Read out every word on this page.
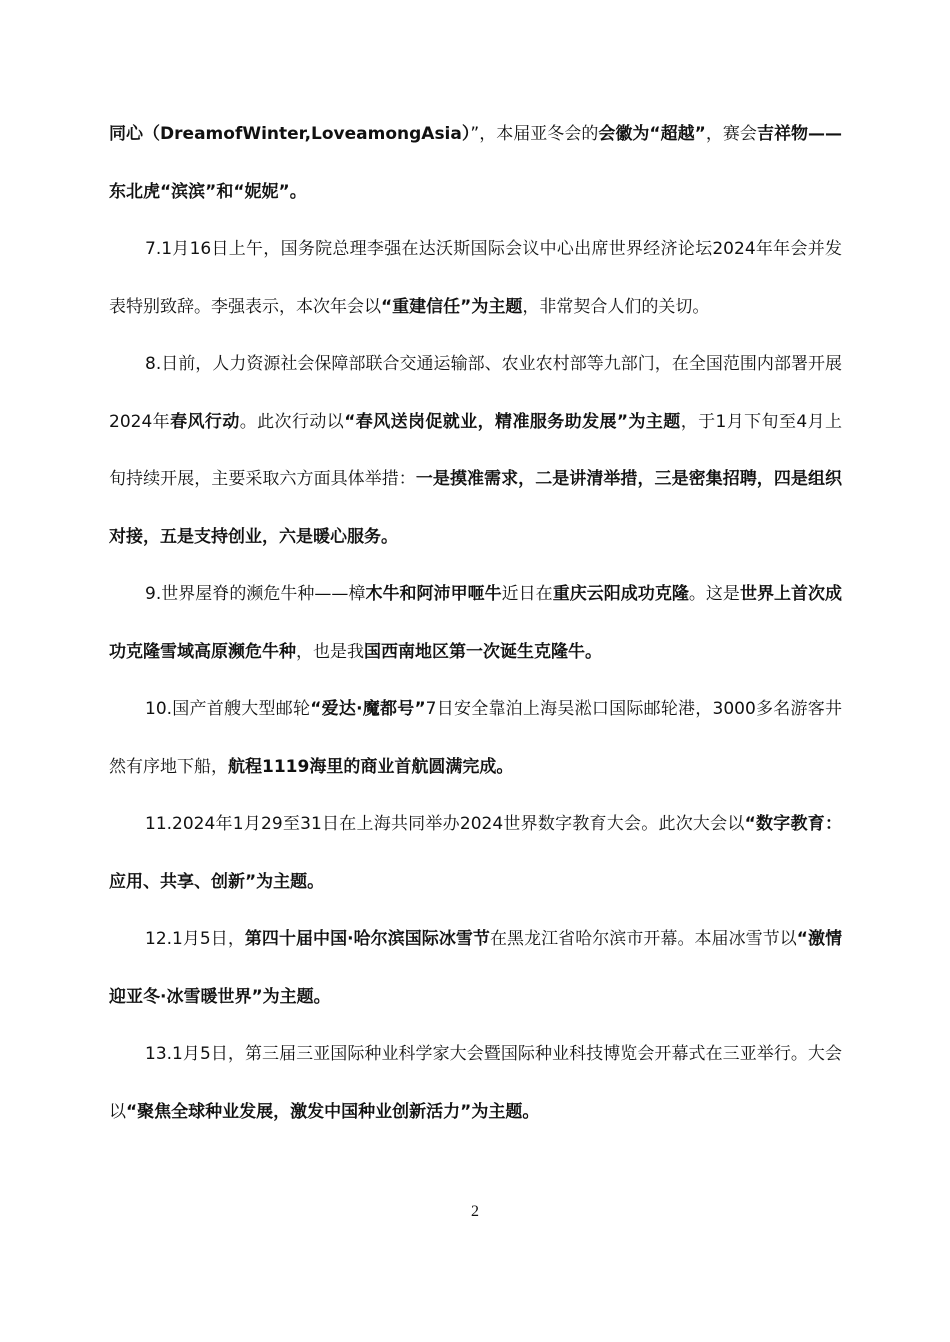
同心（DreamofWinter,LoveamongAsia）”，本届亚冬会的会徽为“超越”，赛会吉祥物——东北虎“滨滨”和“妮妮”。

7.1月16日上午，国务院总理李强在达沃斯国际会议中心出席世界经济论坛2024年年会并发表特别致辞。李强表示，本次年会以“重建信任”为主题，非常契合人们的关切。

8.日前，人力资源社会保障部联合交通运输部、农业农村部等九部门，在全国范围内部署开展2024年春风行动。此次行动以“春风送岗促就业，精准服务助发展”为主题，于1月下旬至4月上旬持续开展，主要采取六方面具体举措：一是摸准需求，二是讲清举措，三是密集招聘，四是组织对接，五是支持创业，六是暖心服务。

9.世界屋脊的濒危牛种——樟木牛和阿沛甲咂牛近日在重庆云阳成功克隆。这是世界上首次成功克隆雪域高原濒危牛种，也是我国西南地区第一次诞生克隆牛。

10.国产首艘大型邮轮“爱达·魔都号”7日安全靠泊上海吴淞口国际邮轮港，3000多名游客井然有序地下船，航程1119海里的商业首航圆满完成。

11.2024年1月29至31日在上海共同举办2024世界数字教育大会。此次大会以“数字教育：应用、共享、创新”为主题。

12.1月5日，第四十届中国·哈尔滨国际冰雪节在黑龙江省哈尔滨市开幕。本届冰雪节以“激情迎亚冬·冰雪暖世界”为主题。

13.1月5日，第三届三亚国际种业科学家大会暨国际种业科技博览会开幕式在三亚举行。大会以“聚焦全球种业发展，激发中国种业创新活力”为主题。

2
